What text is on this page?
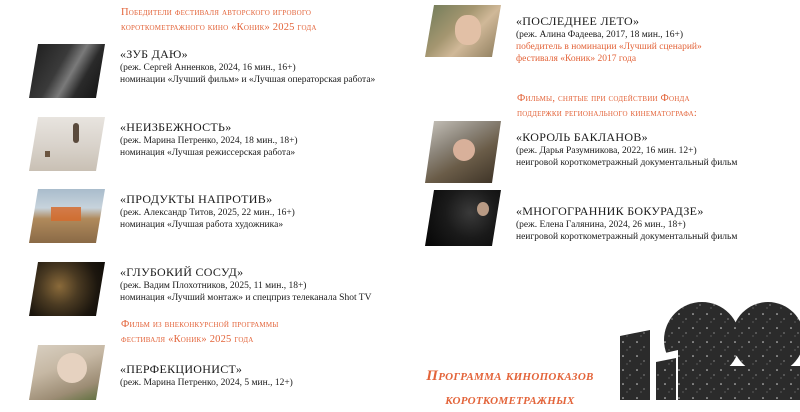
Победители фестиваля авторского игрового
короткометражного кино «Коник» 2025 года
«ЗУБ ДАЮ»
(реж. Сергей Анненков, 2024, 16 мин., 16+)
номинации «Лучший фильм» и «Лучшая операторская работа»
«НЕИЗБЕЖНОСТЬ»
(реж. Марина Петренко, 2024, 18 мин., 18+)
номинация «Лучшая режиссерская работа»
«ПРОДУКТЫ НАПРОТИВ»
(реж. Александр Титов, 2025, 22 мин., 16+)
номинация «Лучшая работа художника»
«ГЛУБОКИЙ СОСУД»
(реж. Вадим Плохотников, 2025, 11 мин., 18+)
номинация «Лучший монтаж» и спецприз телеканала Shot TV
Фильм из внеконкурсной программы
фестиваля «Коник» 2025 года
«ПЕРФЕКЦИОНИСТ»
(реж. Марина Петренко, 2024, 5 мин., 12+)
«ПОСЛЕДНЕЕ ЛЕТО»
(реж. Алина Фадеева, 2017, 18 мин., 16+)
победитель в номинации «Лучший сценарий»
фестиваля «Коник» 2017 года
Фильмы, снятые при содействии Фонда
поддержки регионального кинематографа:
«КОРОЛЬ БАКЛАНОВ»
(реж. Дарья Разумникова, 2022, 16 мин. 12+)
неигровой короткометражный документальный фильм
«МНОГОГРАННИК БОКУРАДЗЕ»
(реж. Елена Галянина, 2024, 26 мин., 18+)
неигровой короткометражный документальный фильм
Программа кинопоказов
короткометражных
